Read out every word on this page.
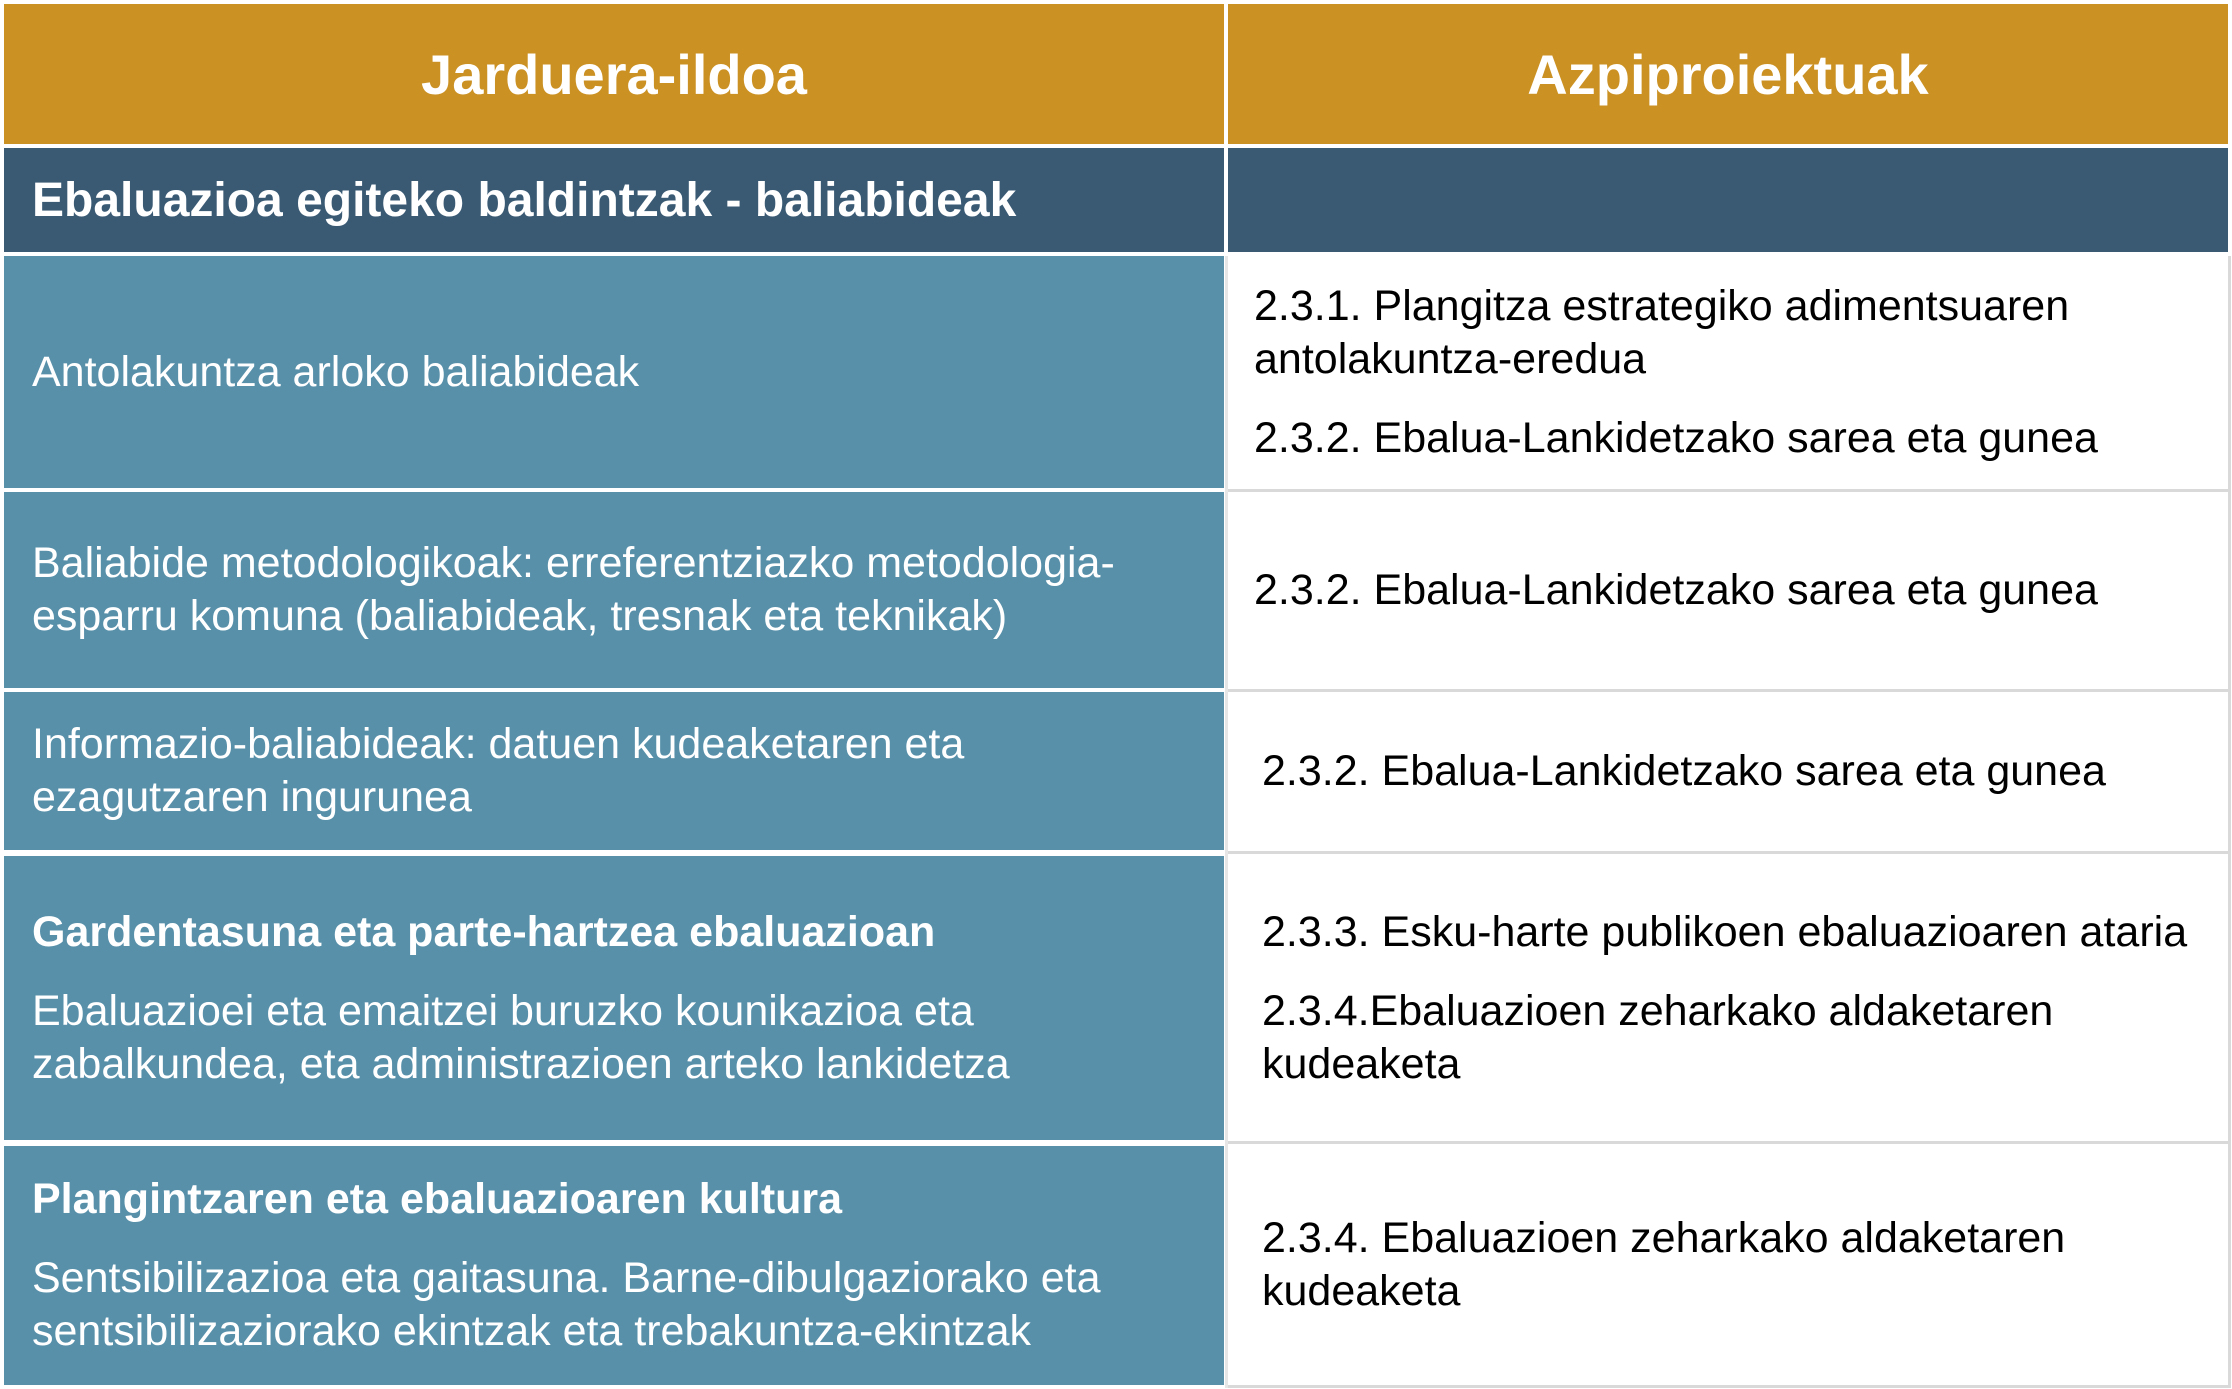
Jarduera-ildoa	Azpiproiektuak
Ebaluazioa egiteko baldintzak - baliabideak
Antolakuntza arloko baliabideak
2.3.1. Plangitza estrategiko adimentsuaren antolakuntza-eredua
2.3.2. Ebalua-Lankidetzako sarea eta gunea
Baliabide metodologikoak: erreferentziazko metodologia-esparru komuna (baliabideak, tresnak eta teknikak)
2.3.2. Ebalua-Lankidetzako sarea eta gunea
Informazio-baliabideak: datuen kudeaketaren eta ezagutzaren ingurunea
2.3.2. Ebalua-Lankidetzako sarea eta gunea
Gardentasuna eta parte-hartzea ebaluazioan
Ebaluazioei eta emaitzei buruzko kounikazioa eta zabalkundea, eta administrazioen arteko lankidetza
2.3.3. Esku-harte publikoen ebaluazioaren ataria
2.3.4.Ebaluazioen zeharkako aldaketaren kudeaketa
Plangintzaren eta ebaluazioaren kultura
Sentsibilizazioa eta gaitasuna. Barne-dibulgaziorako eta sentsibilizaziorako ekintzak eta trebakuntza-ekintzak
2.3.4. Ebaluazioen zeharkako aldaketaren kudeaketa
